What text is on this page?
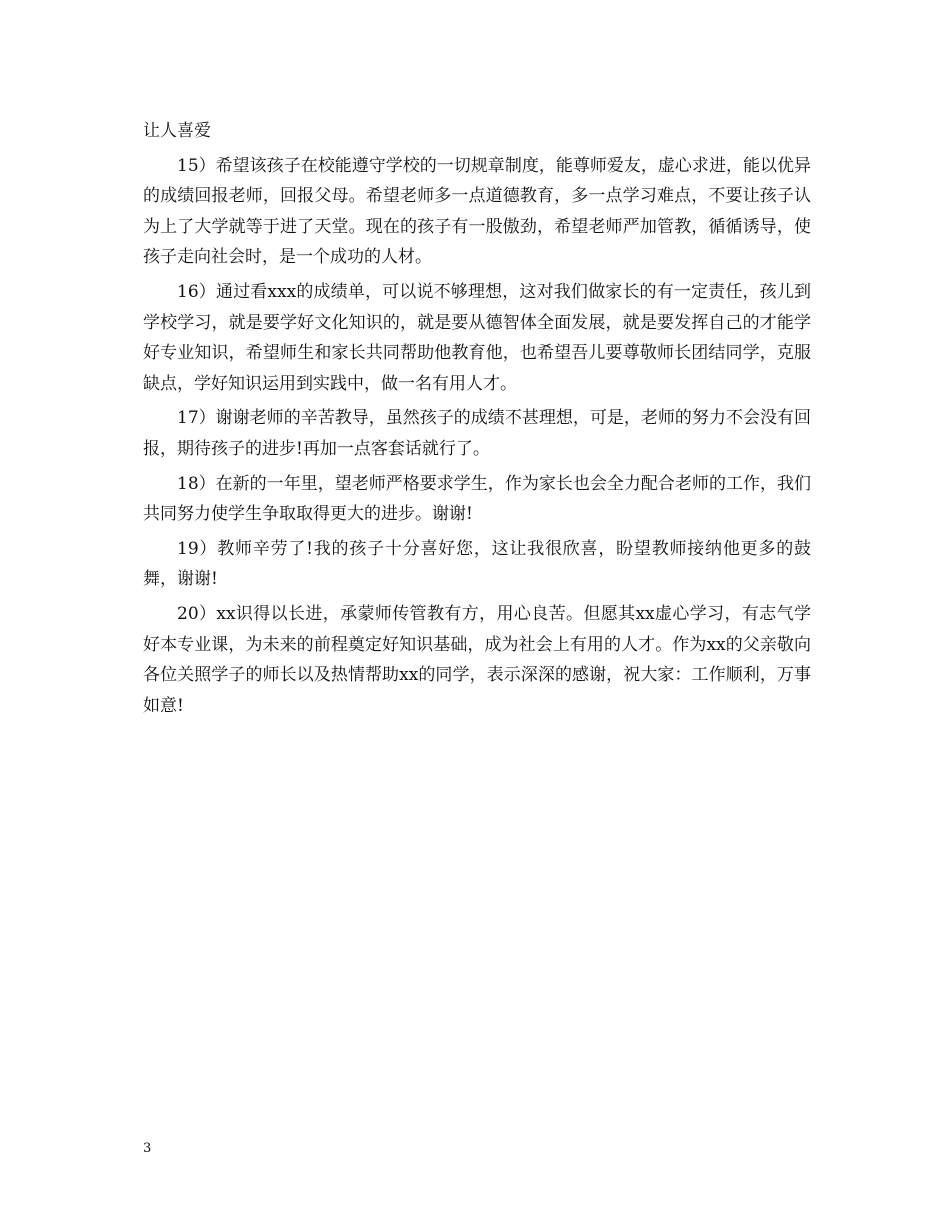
让人喜爱

15）希望该孩子在校能遵守学校的一切规章制度，能尊师爱友，虚心求进，能以优异的成绩回报老师，回报父母。希望老师多一点道德教育，多一点学习难点，不要让孩子认为上了大学就等于进了天堂。现在的孩子有一股傲劲，希望老师严加管教，循循诱导，使孩子走向社会时，是一个成功的人材。

16）通过看xxx的成绩单，可以说不够理想，这对我们做家长的有一定责任，孩儿到学校学习，就是要学好文化知识的，就是要从德智体全面发展，就是要发挥自己的才能学好专业知识，希望师生和家长共同帮助他教育他，也希望吾儿要尊敬师长团结同学，克服缺点，学好知识运用到实践中，做一名有用人才。

17）谢谢老师的辛苦教导，虽然孩子的成绩不甚理想，可是，老师的努力不会没有回报，期待孩子的进步!再加一点客套话就行了。

18）在新的一年里，望老师严格要求学生，作为家长也会全力配合老师的工作，我们共同努力使学生争取取得更大的进步。谢谢!

19）教师辛劳了!我的孩子十分喜好您，这让我很欣喜，盼望教师接纳他更多的鼓舞，谢谢!

20）xx识得以长进，承蒙师传管教有方，用心良苦。但愿其xx虚心学习，有志气学好本专业课，为未来的前程奠定好知识基础，成为社会上有用的人才。作为xx的父亲敬向各位关照学子的师长以及热情帮助xx的同学，表示深深的感谢，祝大家：工作顺利，万事如意!

3
